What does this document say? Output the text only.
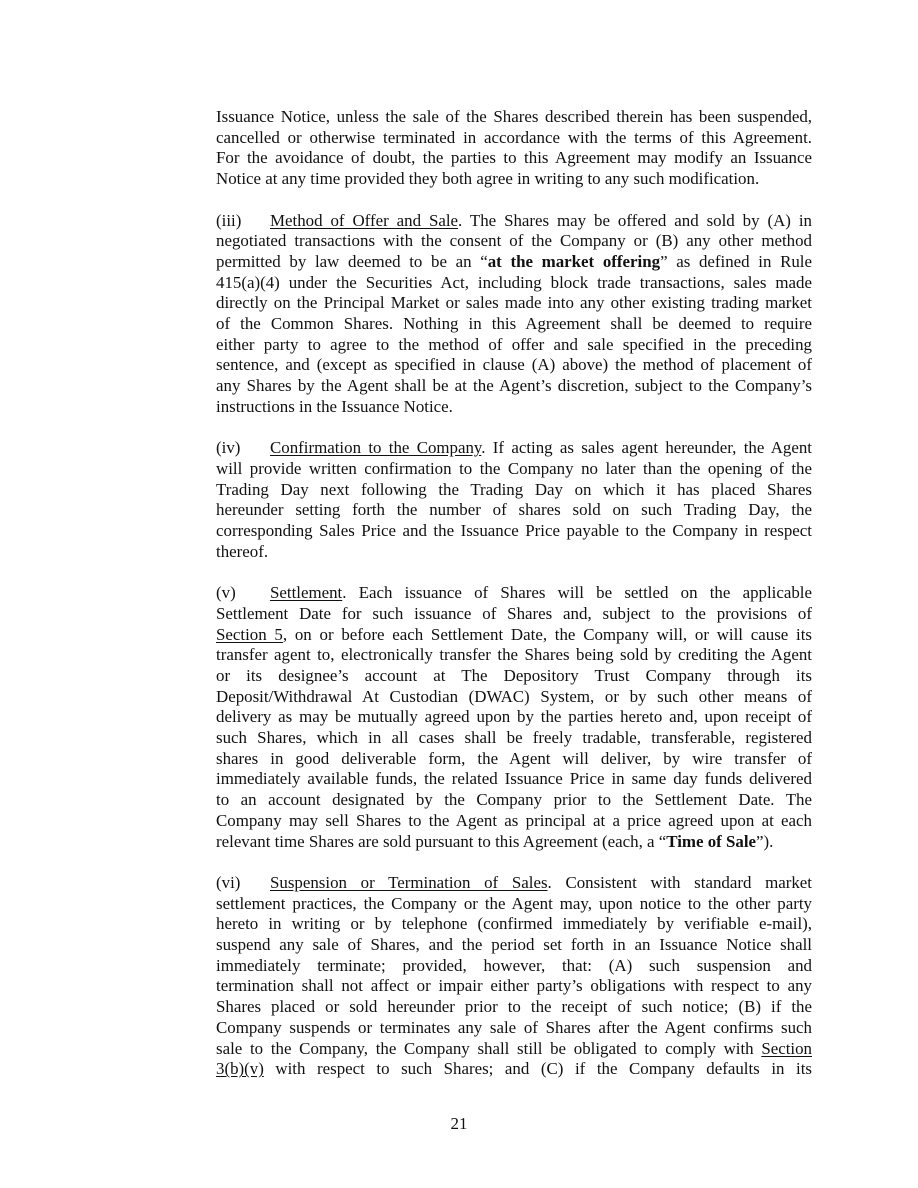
Issuance Notice, unless the sale of the Shares described therein has been suspended,
cancelled or otherwise terminated in accordance with the terms of this Agreement.
For the avoidance of doubt, the parties to this Agreement may modify an Issuance
Notice at any time provided they both agree in writing to any such modification.
(iii) Method of Offer and Sale. The Shares may be offered and sold by (A) in
negotiated transactions with the consent of the Company or (B) any other method
permitted by law deemed to be an “at the market offering” as defined in Rule
415(a)(4) under the Securities Act, including block trade transactions, sales made
directly on the Principal Market or sales made into any other existing trading market
of the Common Shares. Nothing in this Agreement shall be deemed to require
either party to agree to the method of offer and sale specified in the preceding
sentence, and (except as specified in clause (A) above) the method of placement of
any Shares by the Agent shall be at the Agent’s discretion, subject to the Company’s
instructions in the Issuance Notice.
(iv) Confirmation to the Company. If acting as sales agent hereunder, the Agent
will provide written confirmation to the Company no later than the opening of the
Trading Day next following the Trading Day on which it has placed Shares
hereunder setting forth the number of shares sold on such Trading Day, the
corresponding Sales Price and the Issuance Price payable to the Company in respect
thereof.
(v) Settlement. Each issuance of Shares will be settled on the applicable
Settlement Date for such issuance of Shares and, subject to the provisions of
Section 5, on or before each Settlement Date, the Company will, or will cause its
transfer agent to, electronically transfer the Shares being sold by crediting the Agent
or its designee’s account at The Depository Trust Company through its
Deposit/Withdrawal At Custodian (DWAC) System, or by such other means of
delivery as may be mutually agreed upon by the parties hereto and, upon receipt of
such Shares, which in all cases shall be freely tradable, transferable, registered
shares in good deliverable form, the Agent will deliver, by wire transfer of
immediately available funds, the related Issuance Price in same day funds delivered
to an account designated by the Company prior to the Settlement Date. The
Company may sell Shares to the Agent as principal at a price agreed upon at each
relevant time Shares are sold pursuant to this Agreement (each, a “Time of Sale”).
(vi) Suspension or Termination of Sales. Consistent with standard market
settlement practices, the Company or the Agent may, upon notice to the other party
hereto in writing or by telephone (confirmed immediately by verifiable e-mail),
suspend any sale of Shares, and the period set forth in an Issuance Notice shall
immediately terminate; provided, however, that: (A) such suspension and
termination shall not affect or impair either party’s obligations with respect to any
Shares placed or sold hereunder prior to the receipt of such notice; (B) if the
Company suspends or terminates any sale of Shares after the Agent confirms such
sale to the Company, the Company shall still be obligated to comply with Section
3(b)(v) with respect to such Shares; and (C) if the Company defaults in its
21
